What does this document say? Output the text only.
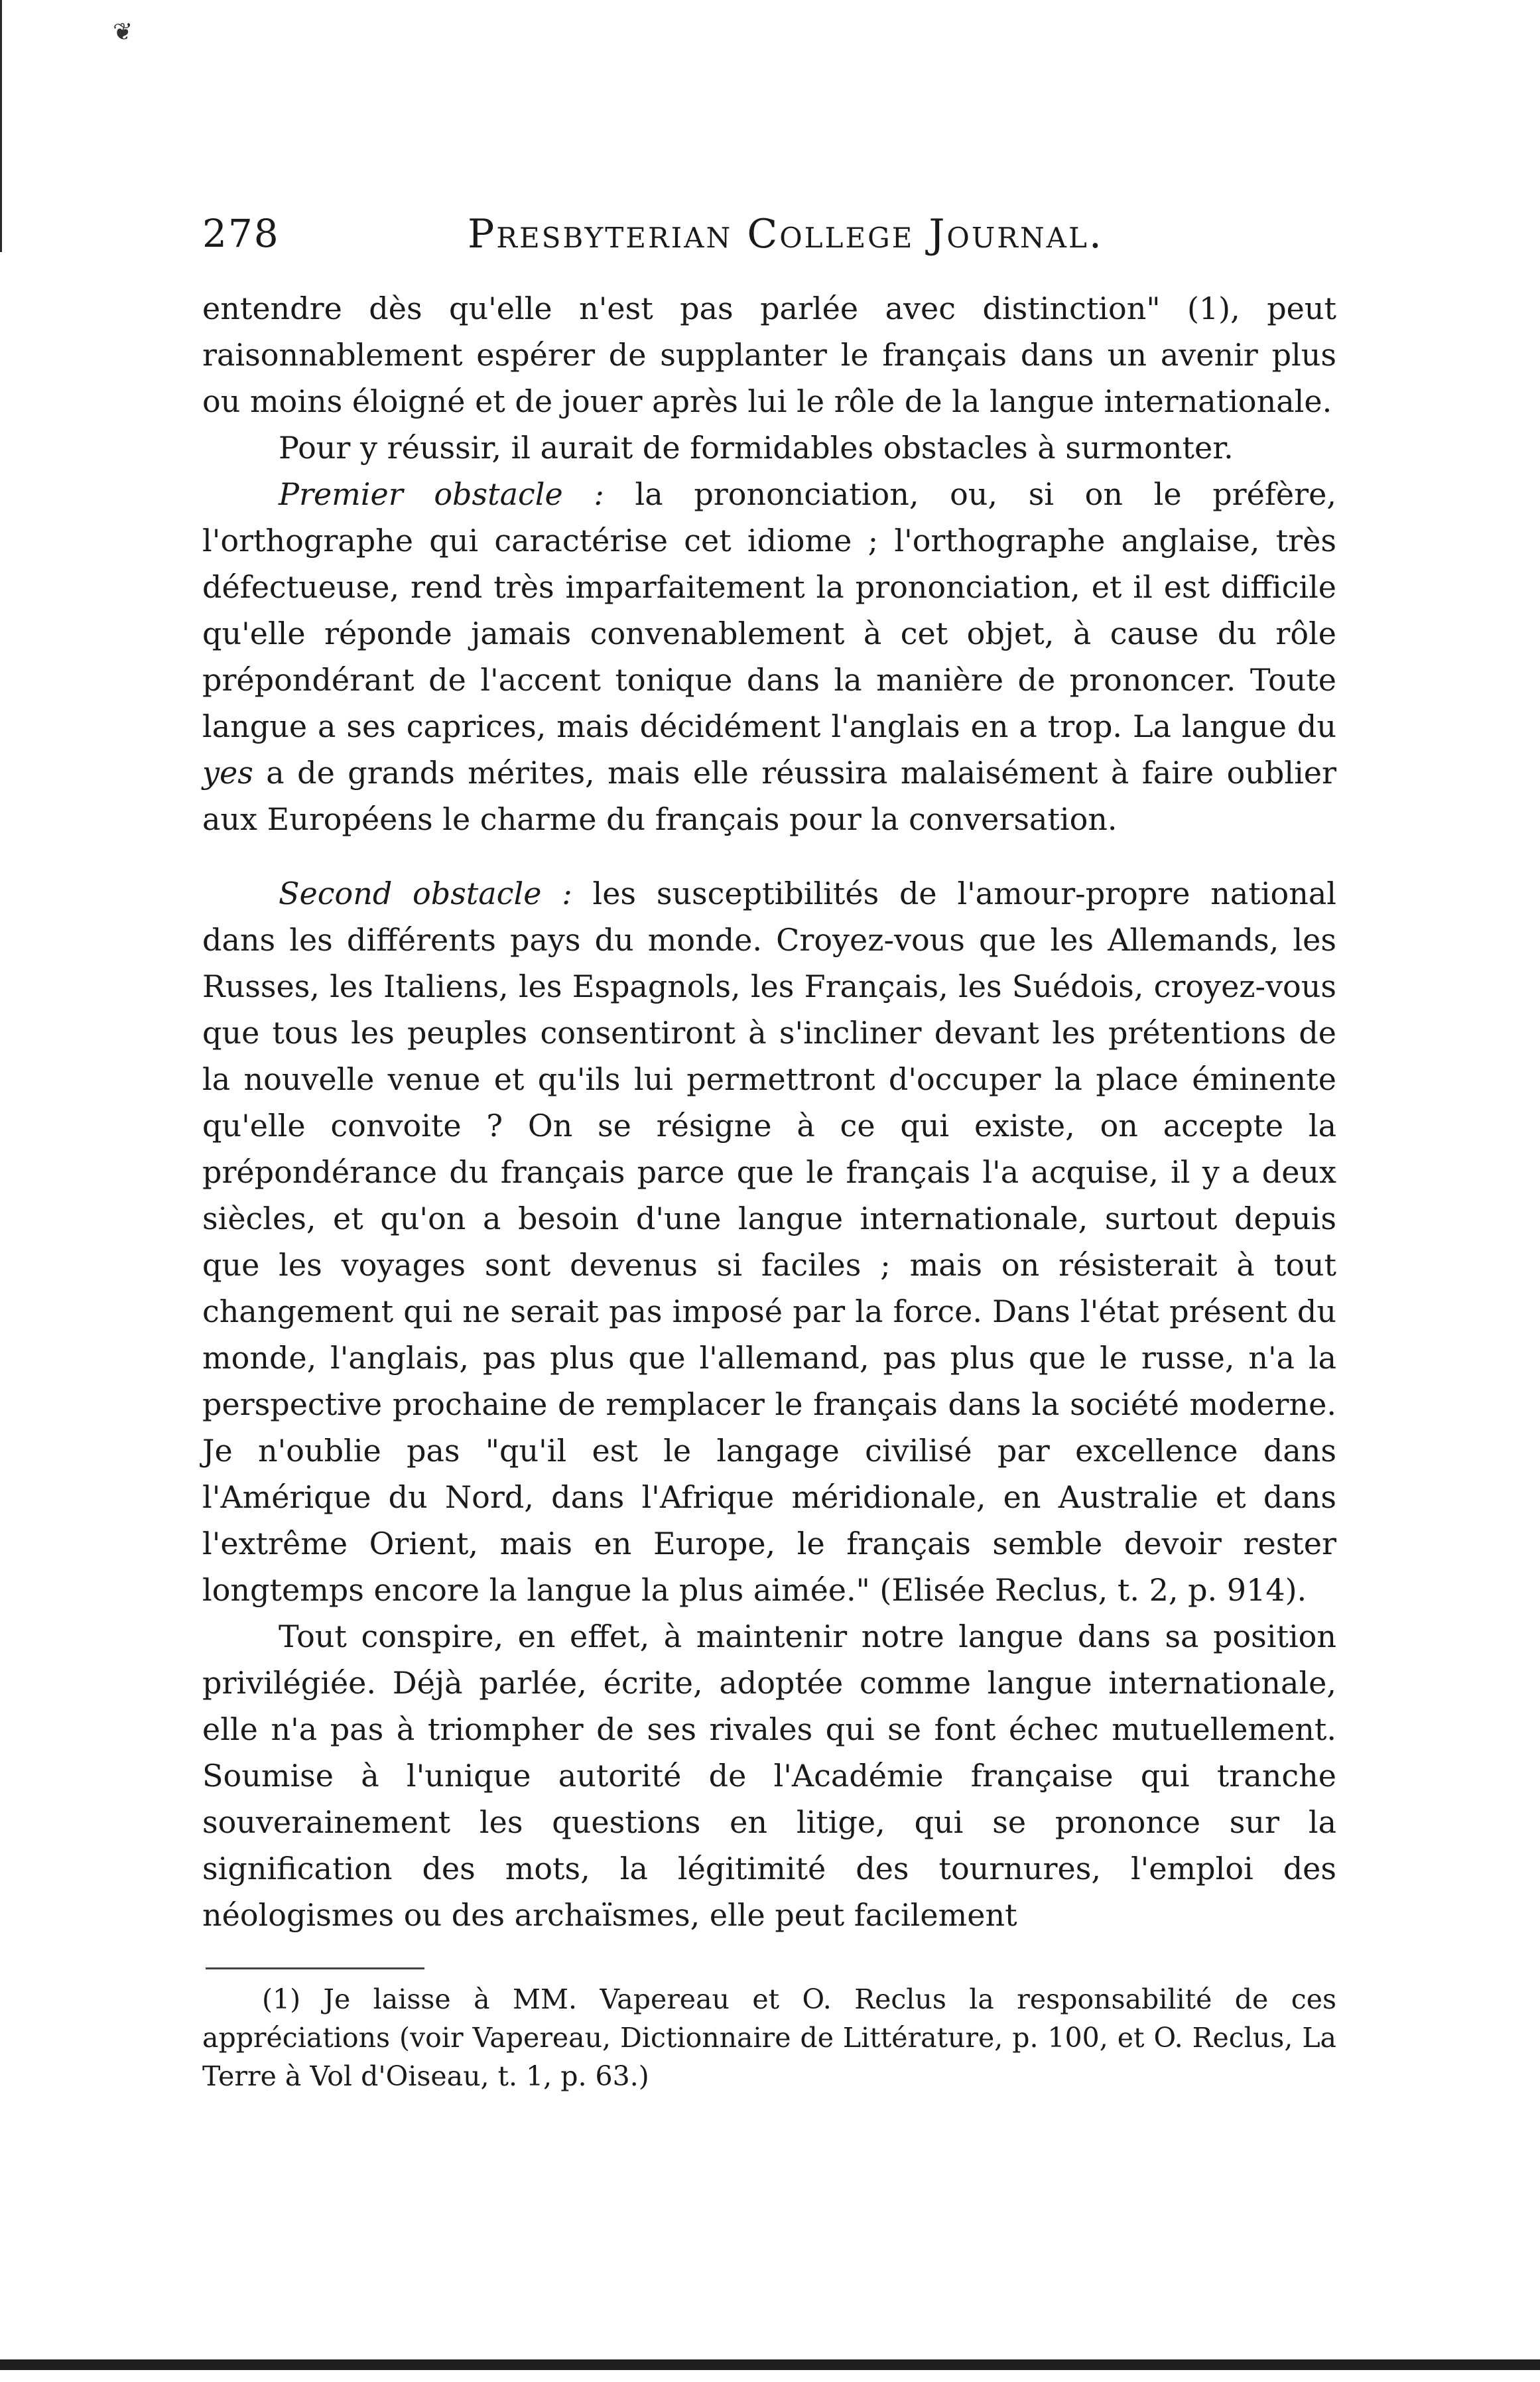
❦
278	Presbyterian College Journal.

entendre dès qu'elle n'est pas parlée avec distinction" (1), peut raisonnablement espérer de supplanter le français dans un avenir plus ou moins éloigné et de jouer après lui le rôle de la langue internationale.

Pour y réussir, il aurait de formidables obstacles à surmonter.

Premier obstacle : la prononciation, ou, si on le préfère, l'orthographe qui caractérise cet idiome ; l'orthographe anglaise, très défectueuse, rend très imparfaitement la prononciation, et il est difficile qu'elle réponde jamais convenablement à cet objet, à cause du rôle prépondérant de l'accent tonique dans la manière de prononcer. Toute langue a ses caprices, mais décidément l'anglais en a trop. La langue du yes a de grands mérites, mais elle réussira malaisément à faire oublier aux Européens le charme du français pour la conversation.

Second obstacle : les susceptibilités de l'amour-propre national dans les différents pays du monde. Croyez-vous que les Allemands, les Russes, les Italiens, les Espagnols, les Français, les Suédois, croyez-vous que tous les peuples consentiront à s'incliner devant les prétentions de la nouvelle venue et qu'ils lui permettront d'occuper la place éminente qu'elle convoite ? On se résigne à ce qui existe, on accepte la prépondérance du français parce que le français l'a acquise, il y a deux siècles, et qu'on a besoin d'une langue internationale, surtout depuis que les voyages sont devenus si faciles ; mais on résisterait à tout changement qui ne serait pas imposé par la force. Dans l'état présent du monde, l'anglais, pas plus que l'allemand, pas plus que le russe, n'a la perspective prochaine de remplacer le français dans la société moderne. Je n'oublie pas "qu'il est le langage civilisé par excellence dans l'Amérique du Nord, dans l'Afrique méridionale, en Australie et dans l'extrême Orient, mais en Europe, le français semble devoir rester longtemps encore la langue la plus aimée." (Elisée Reclus, t. 2, p. 914).

Tout conspire, en effet, à maintenir notre langue dans sa position privilégiée. Déjà parlée, écrite, adoptée comme langue internationale, elle n'a pas à triompher de ses rivales qui se font échec mutuellement. Soumise à l'unique autorité de l'Académie française qui tranche souverainement les questions en litige, qui se prononce sur la signification des mots, la légitimité des tournures, l'emploi des néologismes ou des archaïsmes, elle peut facilement

(1) Je laisse à MM. Vapereau et O. Reclus la responsabilité de ces appréciations (voir Vapereau, Dictionnaire de Littérature, p. 100, et O. Reclus, La Terre à Vol d'Oiseau, t. 1, p. 63.)
